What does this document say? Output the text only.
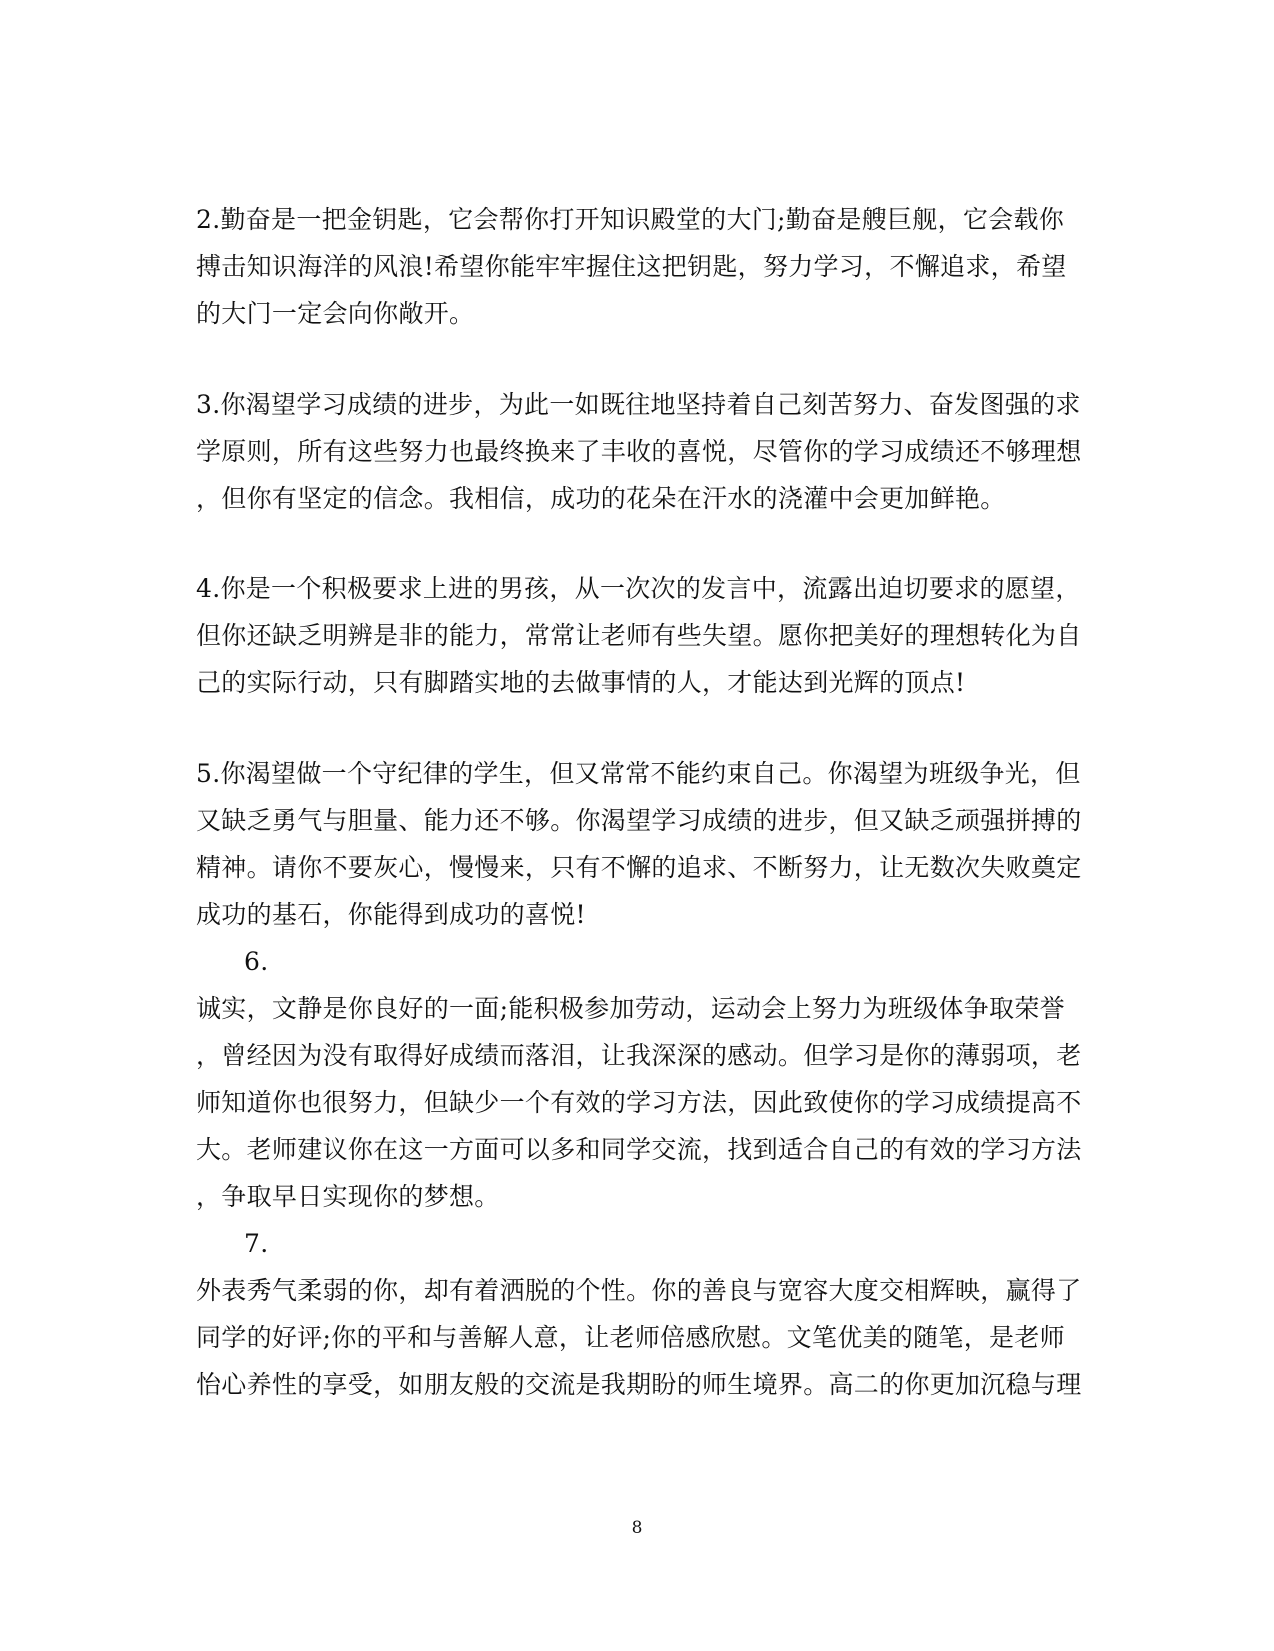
2.勤奋是一把金钥匙，它会帮你打开知识殿堂的大门;勤奋是艘巨舰，它会载你
搏击知识海洋的风浪!希望你能牢牢握住这把钥匙，努力学习，不懈追求，希望
的大门一定会向你敞开。
3.你渴望学习成绩的进步，为此一如既往地坚持着自己刻苦努力、奋发图强的求
学原则，所有这些努力也最终换来了丰收的喜悦，尽管你的学习成绩还不够理想
，但你有坚定的信念。我相信，成功的花朵在汗水的浇灌中会更加鲜艳。
4.你是一个积极要求上进的男孩，从一次次的发言中，流露出迫切要求的愿望，
但你还缺乏明辨是非的能力，常常让老师有些失望。愿你把美好的理想转化为自
己的实际行动，只有脚踏实地的去做事情的人，才能达到光辉的顶点!
5.你渴望做一个守纪律的学生，但又常常不能约束自己。你渴望为班级争光，但
又缺乏勇气与胆量、能力还不够。你渴望学习成绩的进步，但又缺乏顽强拼搏的
精神。请你不要灰心，慢慢来，只有不懈的追求、不断努力，让无数次失败奠定
成功的基石，你能得到成功的喜悦!
6.
诚实，文静是你良好的一面;能积极参加劳动，运动会上努力为班级体争取荣誉
，曾经因为没有取得好成绩而落泪，让我深深的感动。但学习是你的薄弱项，老
师知道你也很努力，但缺少一个有效的学习方法，因此致使你的学习成绩提高不
大。老师建议你在这一方面可以多和同学交流，找到适合自己的有效的学习方法
，争取早日实现你的梦想。
7.
外表秀气柔弱的你，却有着洒脱的个性。你的善良与宽容大度交相辉映，赢得了
同学的好评;你的平和与善解人意，让老师倍感欣慰。文笔优美的随笔，是老师
怡心养性的享受，如朋友般的交流是我期盼的师生境界。高二的你更加沉稳与理
8
